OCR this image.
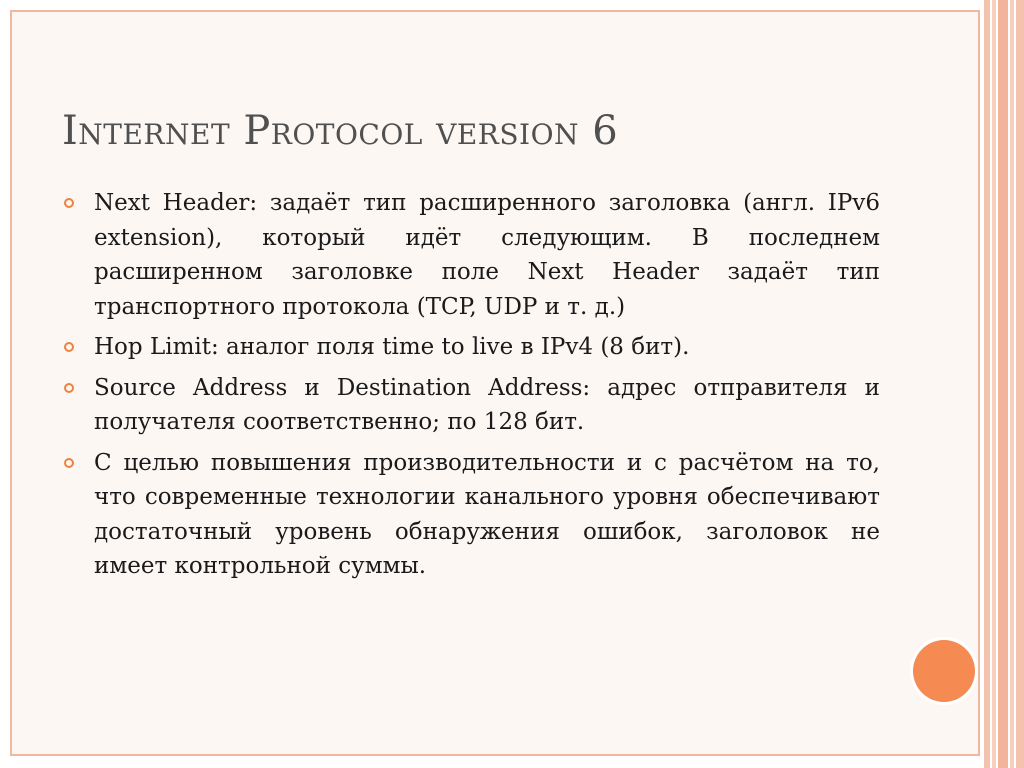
Internet Protocol version 6
Next Header: задаёт тип расширенного заголовка (англ. IPv6 extension), который идёт следующим. В последнем расширенном заголовке поле Next Header задаёт тип транспортного протокола (TCP, UDP и т. д.)
Hop Limit: аналог поля time to live в IPv4 (8 бит).
Source Address и Destination Address: адрес отправителя и получателя соответственно; по 128 бит.
С целью повышения производительности и с расчётом на то, что современные технологии канального уровня обеспечивают достаточный уровень обнаружения ошибок, заголовок не имеет контрольной суммы.
